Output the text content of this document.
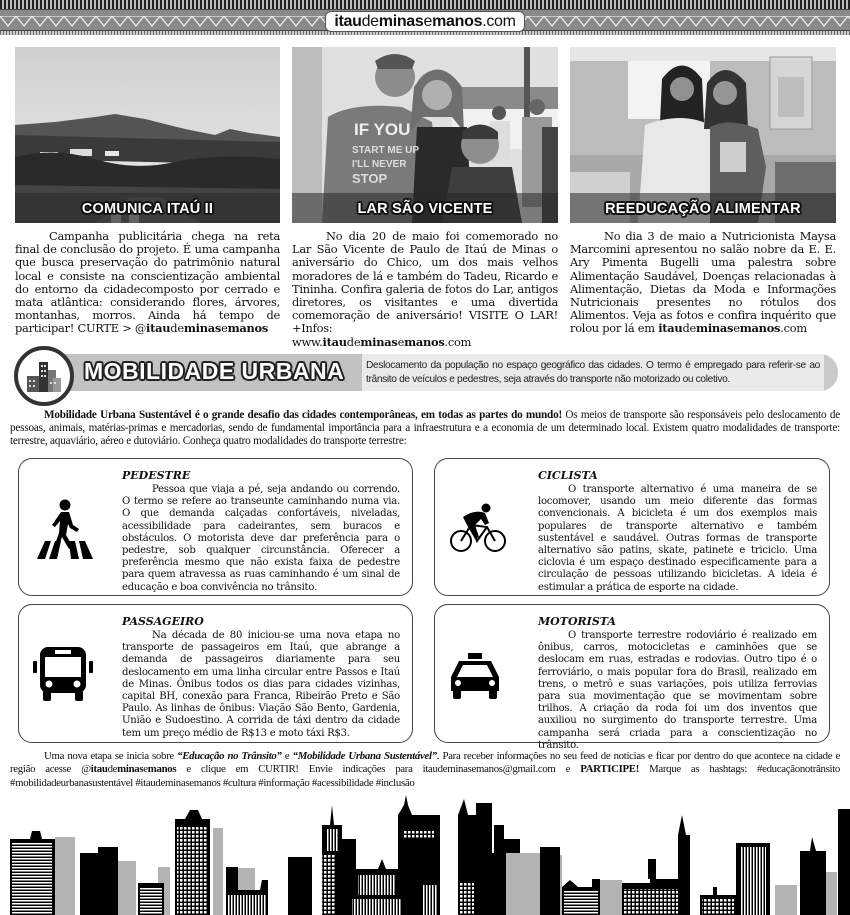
itaudeminasemanos.com
COMUNICA ITAÚ II
Campanha publicitária chega na reta final de conclusão do projeto. É uma campanha que busca preservação do patrimônio natural local e consiste na conscientização ambiental do entorno da cidadecomposto por cerrado e mata atlântica: considerando flores, árvores, montanhas, morros. Ainda há tempo de participar! CURTE > @itaudeminasemanos
IF YOU
START ME UP
I'LL NEVER
STOP
LAR SÃO VICENTE
No dia 20 de maio foi comemorado no Lar São Vicente de Paulo de Itaú de Minas o aniversário do Chico, um dos mais velhos moradores de lá e também do Tadeu, Ricardo e Tininha. Confira galeria de fotos do Lar, antigos diretores, os visitantes e uma divertida comemoração de aniversário! VISITE O LAR! +Infos:www.itaudeminasemanos.com
REEDUCAÇÃO ALIMENTAR
No dia 3 de maio a Nutricionista Maysa Marcomini apresentou no salão nobre da E. E. Ary Pimenta Bugelli uma palestra sobre Alimentação Saudável, Doenças relacionadas à Alimentação, Dietas da Moda e Informações Nutricionais presentes no rótulos dos Alimentos. Veja as fotos e confira inquérito que rolou por lá em itaudeminasemanos.com
MOBILIDADE URBANA Deslocamento da população no espaço geográfico das cidades. O termo é empregado para referir-se ao trânsito de veículos e pedestres, seja através do transporte não motorizado ou coletivo.
Mobilidade Urbana Sustentável é o grande desafio das cidades contemporâneas, em todas as partes do mundo! Os meios de transporte são responsáveis pelo deslocamento de pessoas, animais, matérias-primas e mercadorias, sendo de fundamental importância para a infraestrutura e a economia de um determinado local. Existem quatro modalidades de transporte: terrestre, aquaviário, aéreo e dutoviário. Conheça quatro modalidades do transporte terrestre:
PEDESTRE
Pessoa que viaja a pé, seja andando ou correndo. O termo se refere ao transeunte caminhando numa via. O que demanda calçadas confortáveis, niveladas, acessibilidade para cadeirantes, sem buracos e obstáculos. O motorista deve dar preferência para o pedestre, sob qualquer circunstância. Oferecer a preferência mesmo que não exista faixa de pedestre para quem atravessa as ruas caminhando é um sinal de educação e boa convivência no trânsito.
CICLISTA
O transporte alternativo é uma maneira de se locomover, usando um meio diferente das formas convencionais. A bicicleta é um dos exemplos mais populares de transporte alternativo e também sustentável e saudável. Outras formas de transporte alternativo são patins, skate, patinete e triciclo. Uma ciclovia é um espaço destinado especificamente para a circulação de pessoas utilizando bicicletas. A ideia é estimular a prática de esporte na cidade.
PASSAGEIRO
Na década de 80 iniciou-se uma nova etapa no transporte de passageiros em Itaú, que abrange a demanda de passageiros diariamente para seu deslocamento em uma linha circular entre Passos e Itaú de Minas. Ônibus todos os dias para cidades vizinhas, capital BH, conexão para Franca, Ribeirão Preto e São Paulo. As linhas de ônibus: Viação São Bento, Gardenia, União e Sudoestino. A corrida de táxi dentro da cidade tem um preço médio de R$13 e moto táxi R$3.
MOTORISTA
O transporte terrestre rodoviário é realizado em ônibus, carros, motocicletas e caminhões que se deslocam em ruas, estradas e rodovias. Outro tipo é o ferroviário, o mais popular fora do Brasil, realizado em trens, o metrô e suas variações, pois utiliza ferrovias para sua movimentação que se movimentam sobre trilhos. A criação da roda foi um dos inventos que auxiliou no surgimento do transporte terrestre. Uma campanha será criada para a conscientização no trânsito.
Uma nova etapa se inicia sobre “Educação no Trânsito” e “Mobilidade Urbana Sustentável”. Para receber informações no seu feed de notícias e ficar por dentro do que acontece na cidade e região acesse @itaudeminasemanos e clique em CURTIR! Envie indicações para itaudeminasemanos@gmail.com e PARTICIPE! Marque as hashtags: #educaçãonotrânsito #mobilidadeurbanasustentável #itaudeminasemanos #cultura #informação #acessibilidade #inclusão
